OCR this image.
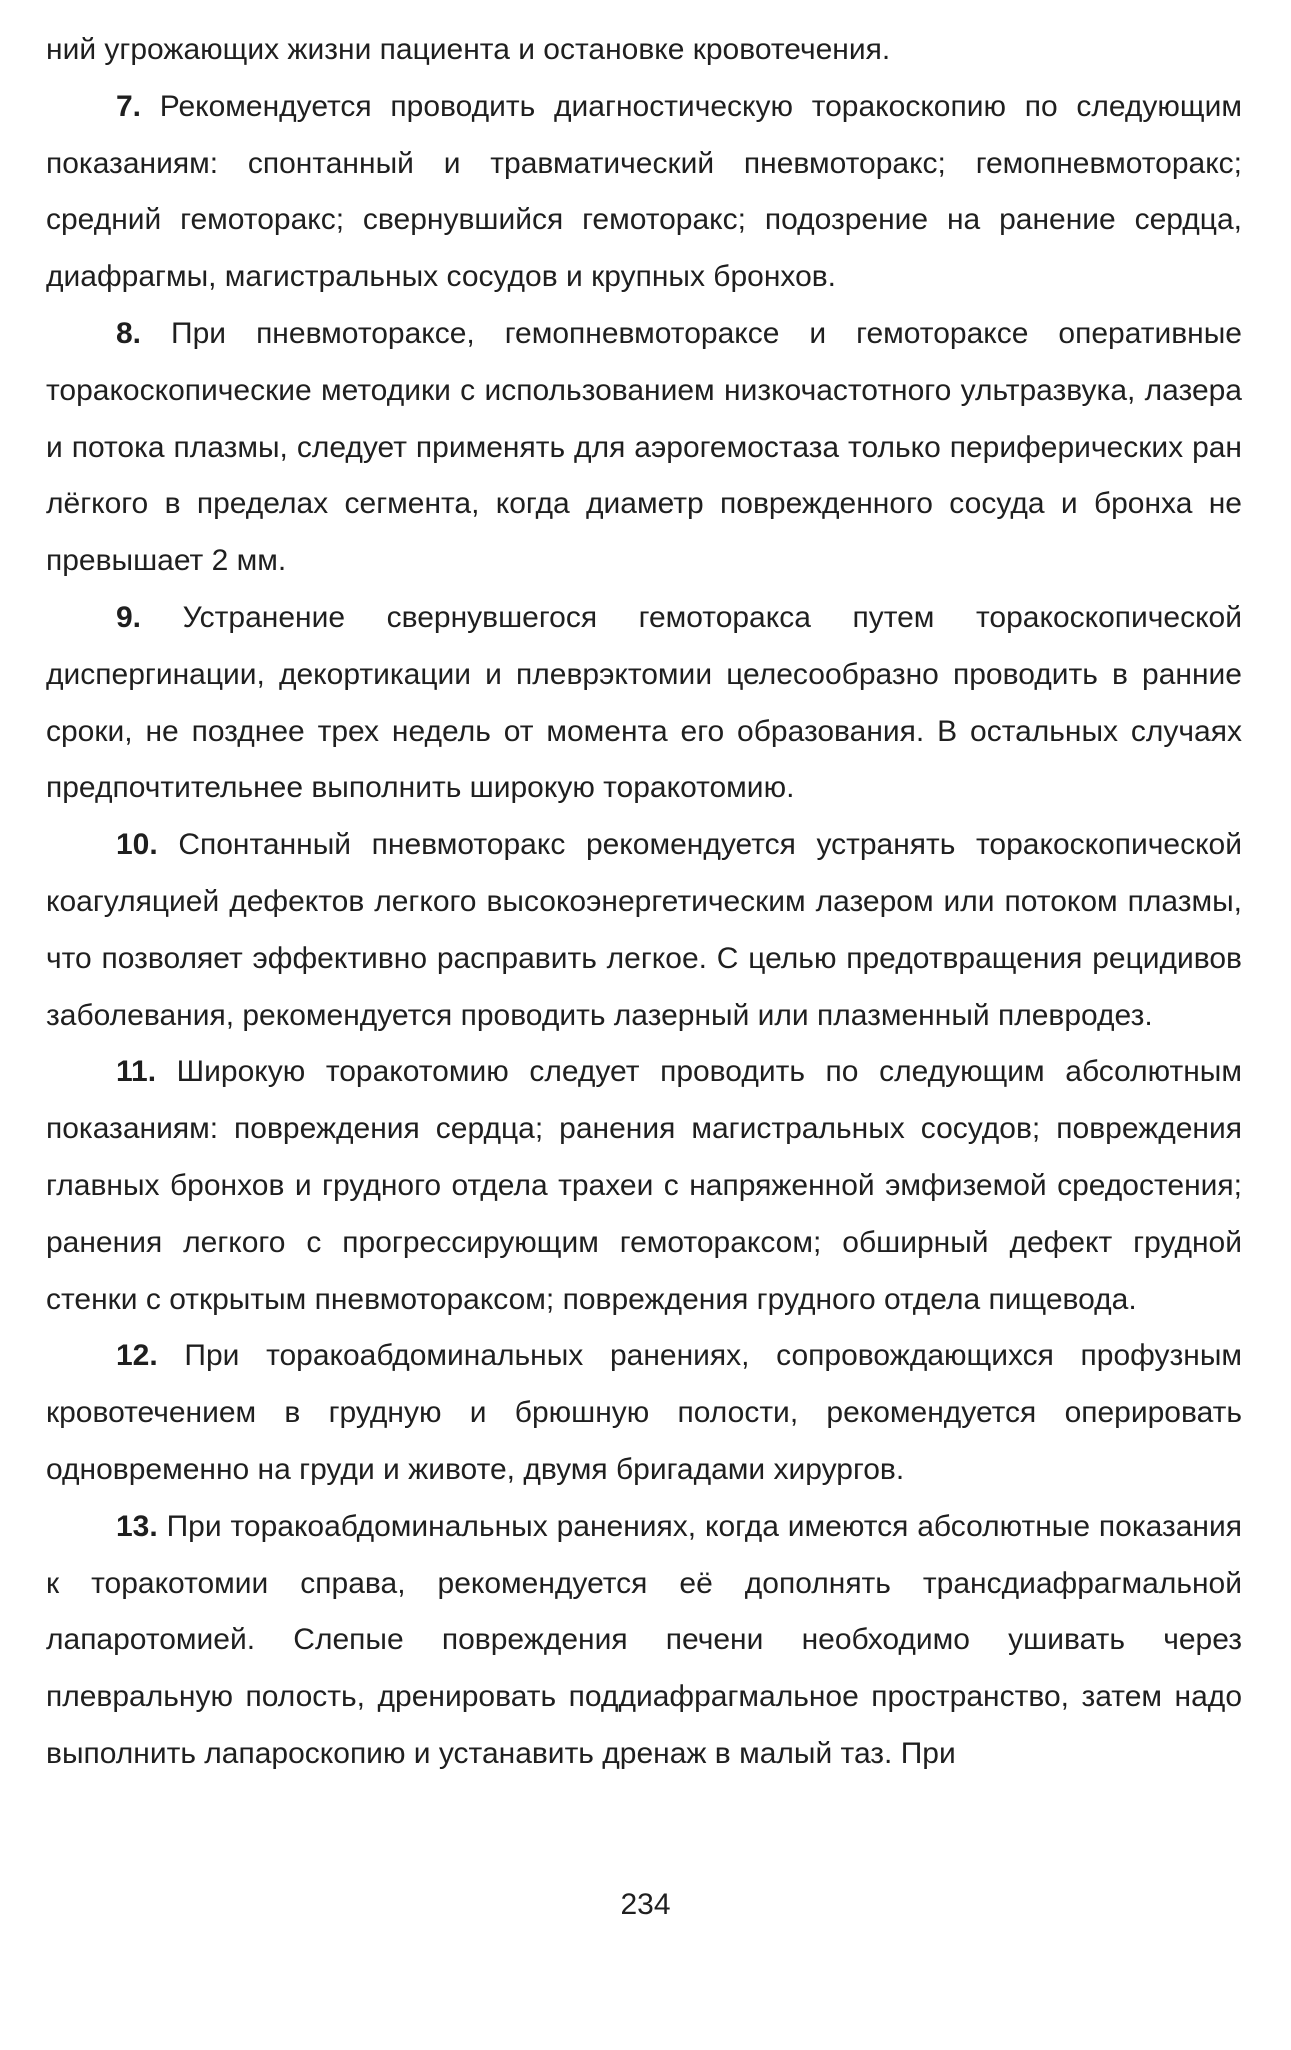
ний угрожающих жизни пациента и остановке кровотечения.

7. Рекомендуется проводить диагностическую торакоскопию по следующим показаниям: спонтанный и травматический пневмоторакс; гемопневмоторакс; средний гемоторакс; свернувшийся гемоторакс; подозрение на ранение сердца, диафрагмы, магистральных сосудов и крупных бронхов.

8. При пневмотораксе, гемопневмотораксе и гемотораксе оперативные торакоскопические методики с использованием низкочастотного ультразвука, лазера и потока плазмы, следует применять для аэрогемостаза только периферических ран лёгкого в пределах сегмента, когда диаметр поврежденного сосуда и бронха не превышает 2 мм.

9. Устранение свернувшегося гемоторакса путем торакоскопической диспергинации, декортикации и плеврэктомии целесообразно проводить в ранние сроки, не позднее трех недель от момента его образования. В остальных случаях предпочтительнее выполнить широкую торакотомию.

10. Спонтанный пневмоторакс рекомендуется устранять торакоскопической коагуляцией дефектов легкого высокоэнергетическим лазером или потоком плазмы, что позволяет эффективно расправить легкое. С целью предотвращения рецидивов заболевания, рекомендуется проводить лазерный или плазменный плевродез.

11. Широкую торакотомию следует проводить по следующим абсолютным показаниям: повреждения сердца; ранения магистральных сосудов; повреждения главных бронхов и грудного отдела трахеи с напряженной эмфиземой средостения; ранения легкого с прогрессирующим гемотораксом; обширный дефект грудной стенки с открытым пневмотораксом; повреждения грудного отдела пищевода.

12. При торакоабдоминальных ранениях, сопровождающихся профузным кровотечением в грудную и брюшную полости, рекомендуется оперировать одновременно на груди и животе, двумя бригадами хирургов.

13. При торакоабдоминальных ранениях, когда имеются абсолютные показания к торакотомии справа, рекомендуется её дополнять трансдиафрагмальной лапаротомией. Слепые повреждения печени необходимо ушивать через плевральную полость, дренировать поддиафрагмальное пространство, затем надо выполнить лапароскопию и устанавить дренаж в малый таз. При

234
